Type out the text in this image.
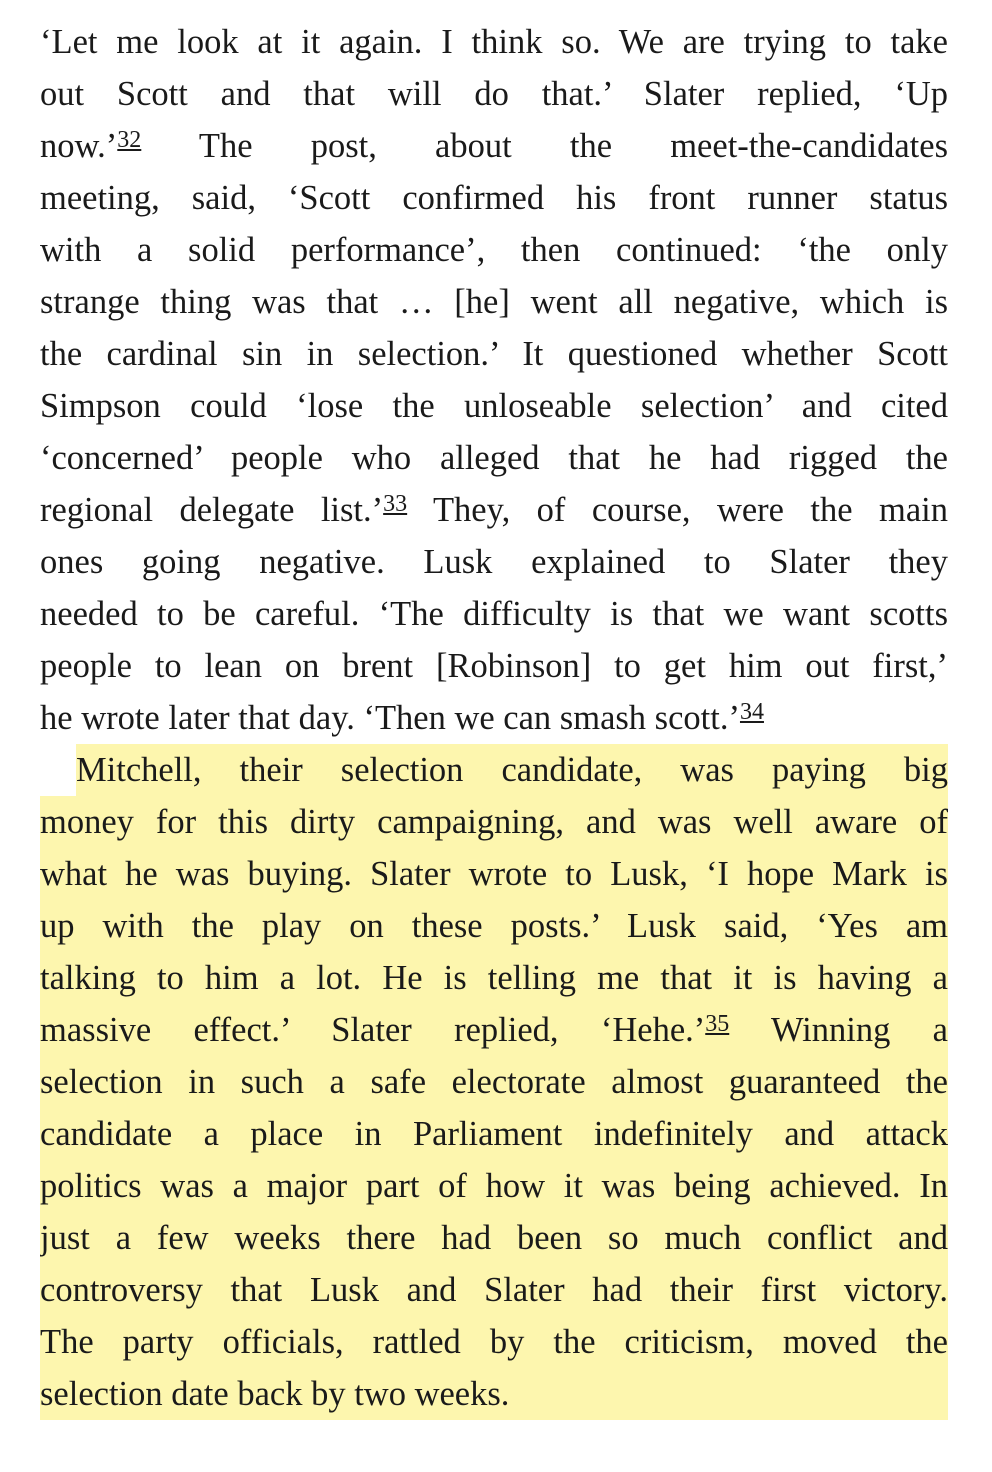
‘Let me look at it again. I think so. We are trying to take
out Scott and that will do that.’ Slater replied, ‘Up
now.’$^{32}$ The post, about the meet-the-candidates
meeting, said, ‘Scott confirmed his front runner status
with a solid performance’, then continued: ‘the only
strange thing was that … [he] went all negative, which is
the cardinal sin in selection.’ It questioned whether Scott
Simpson could ‘lose the unloseable selection’ and cited
‘concerned’ people who alleged that he had rigged the
regional delegate list.’$^{33}$ They, of course, were the main
ones going negative. Lusk explained to Slater they
needed to be careful. ‘The difficulty is that we want scotts
people to lean on brent [Robinson] to get him out first,’
he wrote later that day. ‘Then we can smash scott.’$^{34}$
Mitchell, their selection candidate, was paying big
money for this dirty campaigning, and was well aware of
what he was buying. Slater wrote to Lusk, ‘I hope Mark is
up with the play on these posts.’ Lusk said, ‘Yes am
talking to him a lot. He is telling me that it is having a
massive effect.’ Slater replied, ‘Hehe.’$^{35}$ Winning a
selection in such a safe electorate almost guaranteed the
candidate a place in Parliament indefinitely and attack
politics was a major part of how it was being achieved. In
just a few weeks there had been so much conflict and
controversy that Lusk and Slater had their first victory.
The party officials, rattled by the criticism, moved the
selection date back by two weeks.
